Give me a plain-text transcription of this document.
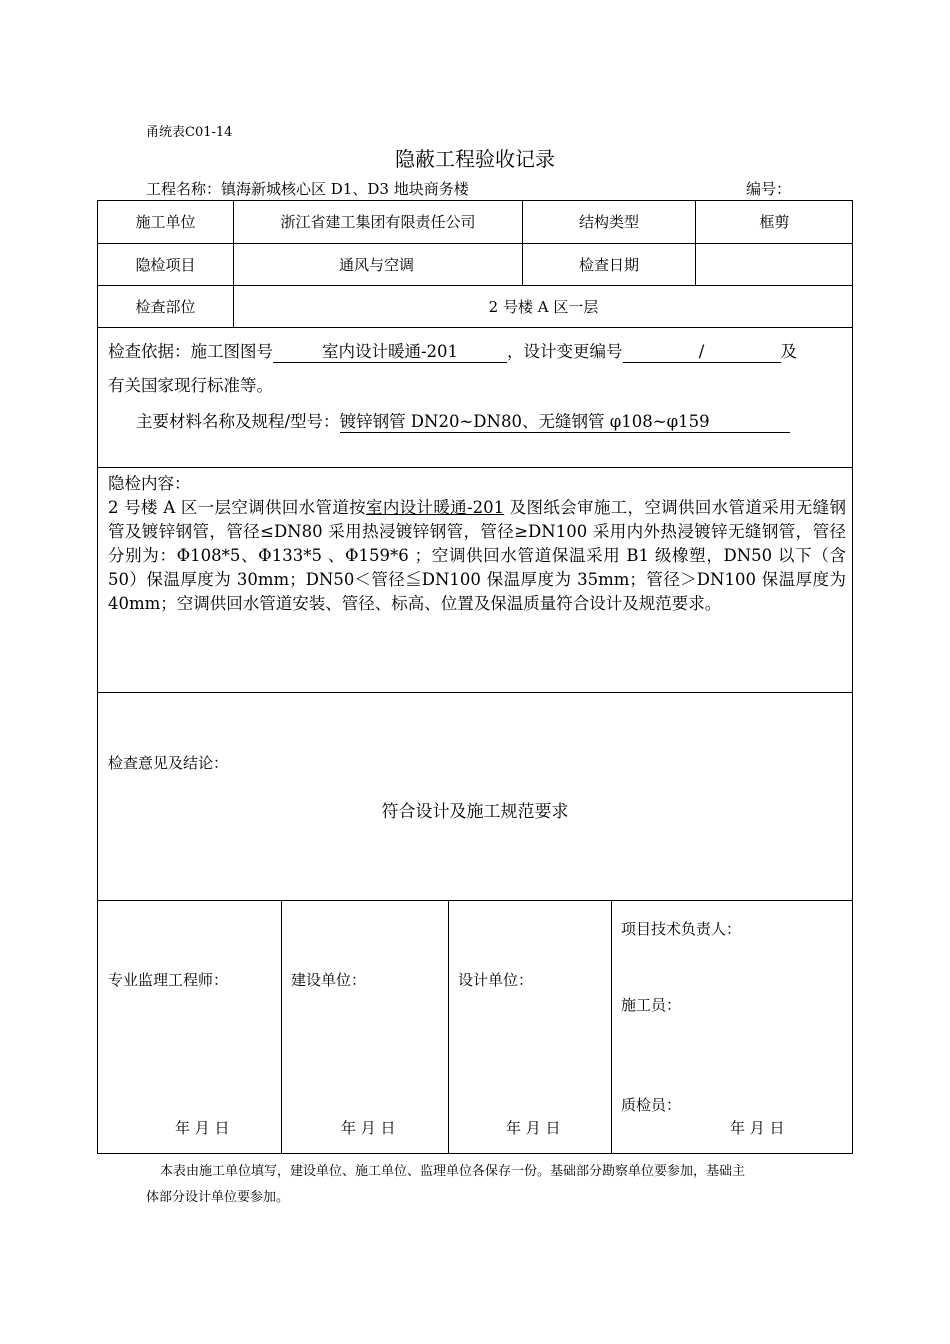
甬统表C01-14
隐蔽工程验收记录
工程名称：镇海新城核心区 D1、D3 地块商务楼	编号：
施工单位	浙江省建工集团有限责任公司	结构类型	框剪
隐检项目	通风与空调	检查日期
检查部位	2 号楼 A 区一层
检查依据：施工图图号	室内设计暖通-201	，设计变更编号	/	及
有关国家现行标准等。
主要材料名称及规程/型号：镀锌钢管 DN20~DN80、无缝钢管 φ108~φ159
隐检内容：
2 号楼 A 区一层空调供回水管道按室内设计暖通-201 及图纸会审施工，空调供回水管道采用无缝钢管及镀锌钢管，管径≤DN80 采用热浸镀锌钢管，管径≥DN100 采用内外热浸镀锌无缝钢管，管径分别为：Φ108*5、Φ133*5 、Φ159*6 ；空调供回水管道保温采用 B1 级橡塑，DN50 以下（含 50）保温厚度为 30mm；DN50＜管径≦DN100 保温厚度为 35mm；管径＞DN100 保温厚度为 40mm；空调供回水管道安装、管径、标高、位置及保温质量符合设计及规范要求。
检查意见及结论：
符合设计及施工规范要求
专业监理工程师：	建设单位：	设计单位：
项目技术负责人：
施工员：
质检员：
年 月 日	年 月 日	年 月 日	年 月 日
本表由施工单位填写，建设单位、施工单位、监理单位各保存一份。基础部分勘察单位要参加，基础主
体部分设计单位要参加。
